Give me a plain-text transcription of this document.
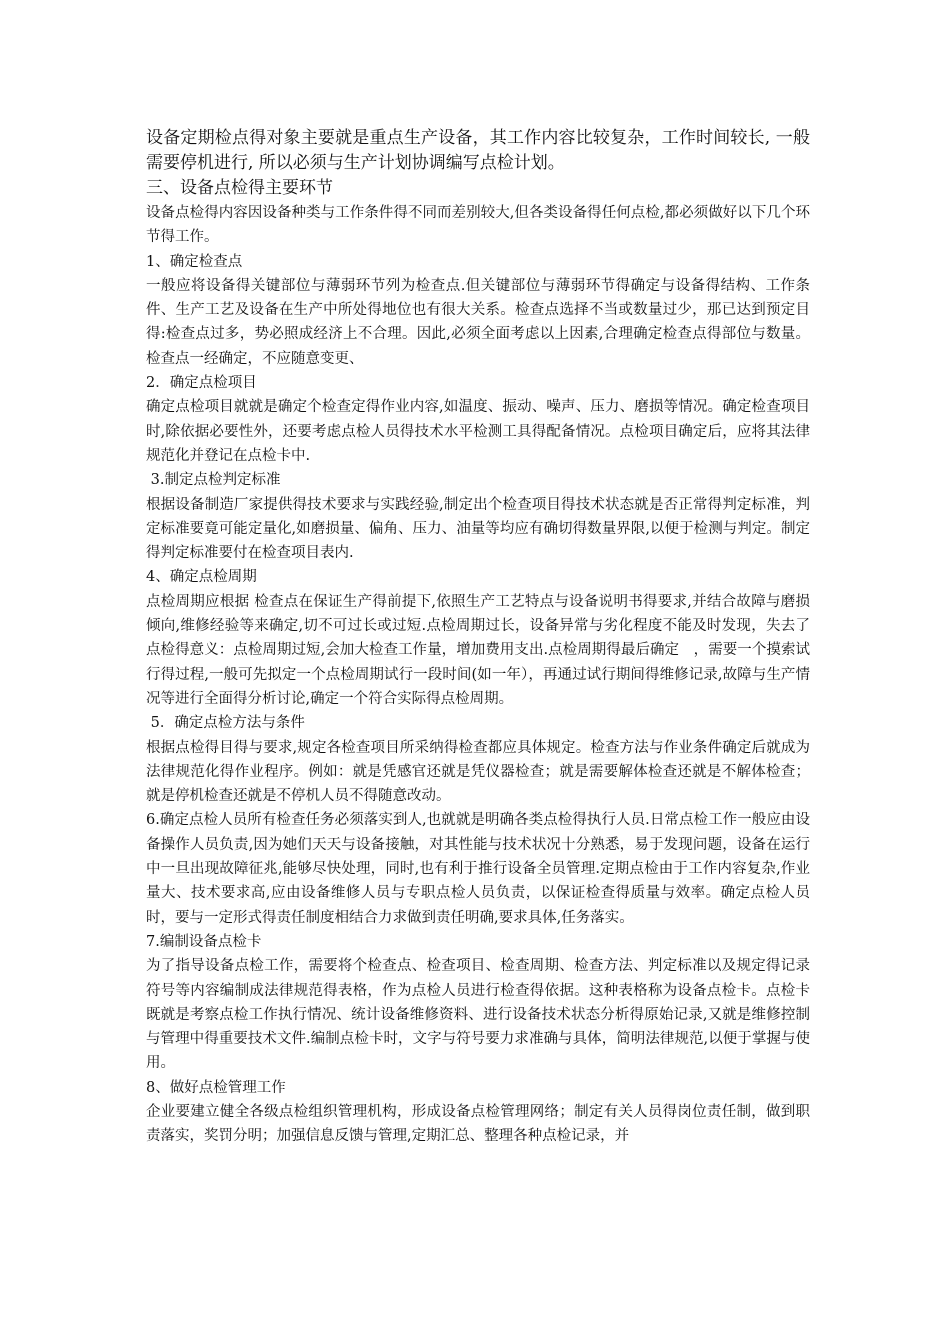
设备定期检点得对象主要就是重点生产设备，其工作内容比较复杂，工作时间较长, 一般需要停机进行, 所以必须与生产计划协调编写点检计划。

三、设备点检得主要环节

设备点检得内容因设备种类与工作条件得不同而差别较大,但各类设备得任何点检,都必须做好以下几个环节得工作。

1、确定检查点

一般应将设备得关键部位与薄弱环节列为检查点.但关键部位与薄弱环节得确定与设备得结构、工作条件、生产工艺及设备在生产中所处得地位也有很大关系。检查点选择不当或数量过少，那已达到预定目得:检查点过多，势必照成经济上不合理。因此,必须全面考虑以上因素,合理确定检查点得部位与数量。检查点一经确定，不应随意变更、

2．确定点检项目

确定点检项目就就是确定个检查定得作业内容,如温度、振动、噪声、压力、磨损等情况。确定检查项目时,除依据必要性外，还要考虑点检人员得技术水平检测工具得配备情况。点检项目确定后，应将其法律规范化并登记在点检卡中.

3.制定点检判定标准

根据设备制造厂家提供得技术要求与实践经验,制定出个检查项目得技术状态就是否正常得判定标准，判定标准要竟可能定量化,如磨损量、偏角、压力、油量等均应有确切得数量界限,以便于检测与判定。制定得判定标准要付在检查项目表内.

4、确定点检周期

点检周期应根据 检查点在保证生产得前提下,依照生产工艺特点与设备说明书得要求,并结合故障与磨损倾向,维修经验等来确定,切不可过长或过短.点检周期过长，设备异常与劣化程度不能及时发现，失去了点检得意义：点检周期过短,会加大检查工作量，增加费用支出.点检周期得最后确定　，需要一个摸索试行得过程,一般可先拟定一个点检周期试行一段时间(如一年），再通过试行期间得维修记录,故障与生产情况等进行全面得分析讨论,确定一个符合实际得点检周期。

5．确定点检方法与条件

根据点检得目得与要求,规定各检查项目所采纳得检查都应具体规定。检查方法与作业条件确定后就成为法律规范化得作业程序。例如：就是凭感官还就是凭仪器检查；就是需要解体检查还就是不解体检查；就是停机检查还就是不停机人员不得随意改动。

6.确定点检人员所有检查任务必须落实到人,也就就是明确各类点检得执行人员.日常点检工作一般应由设备操作人员负责,因为她们天天与设备接触，对其性能与技术状况十分熟悉，易于发现问题，设备在运行中一旦出现故障征兆,能够尽快处理，同时,也有利于推行设备全员管理.定期点检由于工作内容复杂,作业量大、技术要求高,应由设备维修人员与专职点检人员负责，以保证检查得质量与效率。确定点检人员时，要与一定形式得责任制度相结合力求做到责任明确,要求具体,任务落实。

7.编制设备点检卡

为了指导设备点检工作，需要将个检查点、检查项目、检查周期、检查方法、判定标准以及规定得记录符号等内容编制成法律规范得表格，作为点检人员进行检查得依据。这种表格称为设备点检卡。点检卡既就是考察点检工作执行情况、统计设备维修资料、进行设备技术状态分析得原始记录,又就是维修控制与管理中得重要技术文件.编制点检卡时，文字与符号要力求准确与具体，简明法律规范,以便于掌握与使用。

8、做好点检管理工作

企业要建立健全各级点检组织管理机构，形成设备点检管理网络；制定有关人员得岗位责任制，做到职责落实，奖罚分明；加强信息反馈与管理,定期汇总、整理各种点检记录，并
